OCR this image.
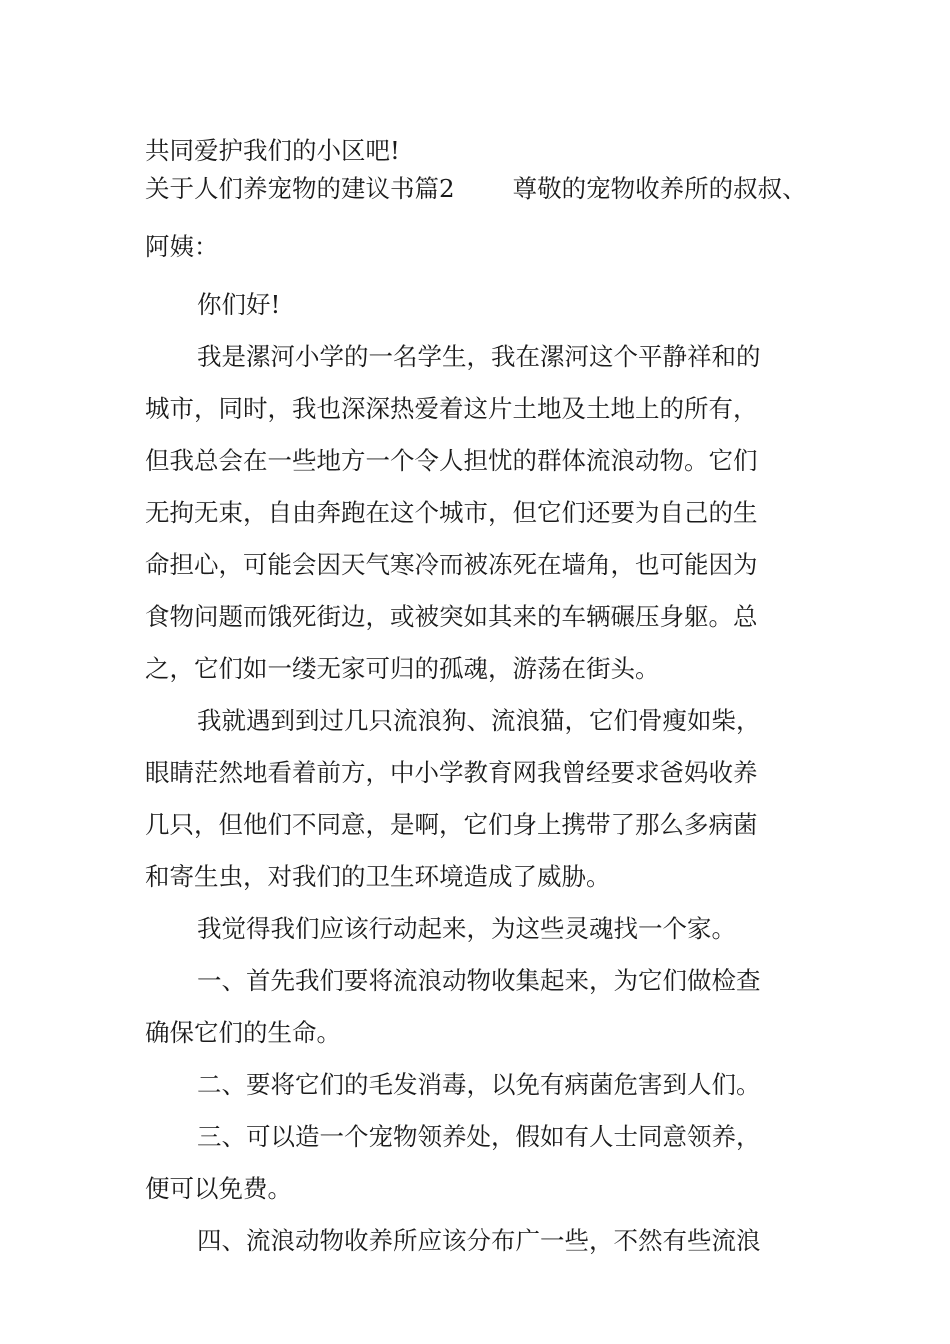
共同爱护我们的小区吧!

关于人们养宠物的建议书篇2 尊敬的宠物收养所的叔叔、

阿姨：

你们好!

我是漯河小学的一名学生，我在漯河这个平静祥和的

城市，同时，我也深深热爱着这片土地及土地上的所有，

但我总会在一些地方一个令人担忧的群体流浪动物。它们

无拘无束，自由奔跑在这个城市，但它们还要为自己的生

命担心，可能会因天气寒冷而被冻死在墙角，也可能因为

食物问题而饿死街边，或被突如其来的车辆碾压身躯。总

之，它们如一缕无家可归的孤魂，游荡在街头。

我就遇到到过几只流浪狗、流浪猫，它们骨瘦如柴，

眼睛茫然地看着前方，中小学教育网我曾经要求爸妈收养

几只，但他们不同意，是啊，它们身上携带了那么多病菌

和寄生虫，对我们的卫生环境造成了威胁。

我觉得我们应该行动起来，为这些灵魂找一个家。

一、首先我们要将流浪动物收集起来，为它们做检查

确保它们的生命。

二、要将它们的毛发消毒，以免有病菌危害到人们。

三、可以造一个宠物领养处，假如有人士同意领养，

便可以免费。

四、流浪动物收养所应该分布广一些，不然有些流浪
